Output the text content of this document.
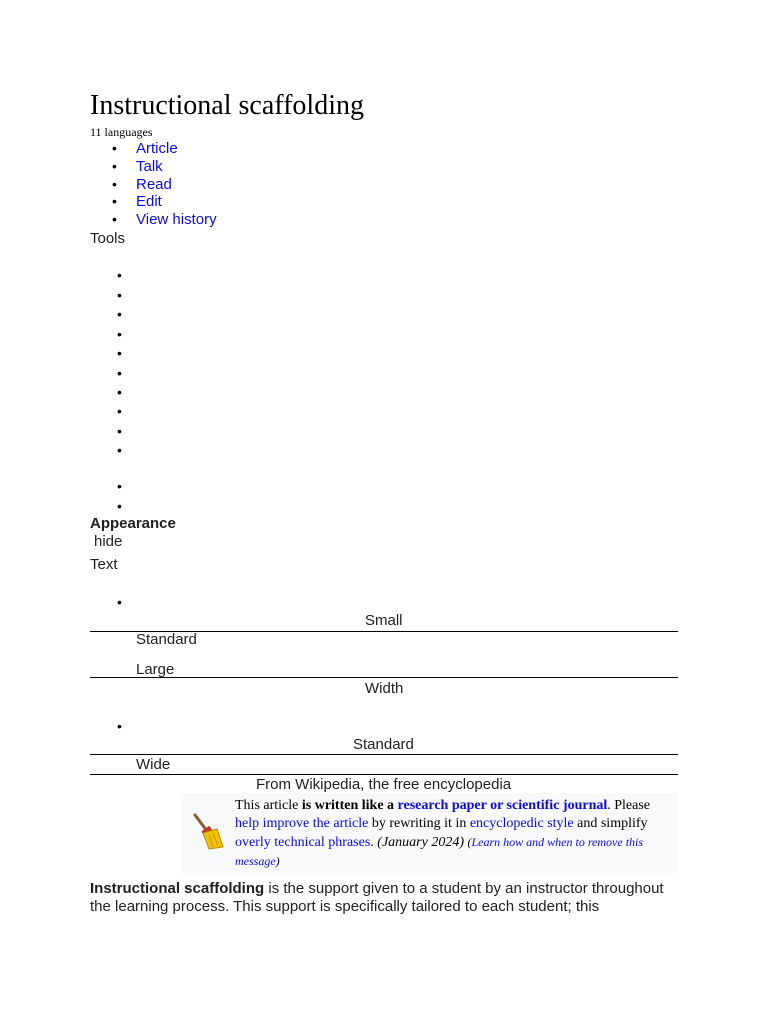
Instructional scaffolding
11 languages
• Article
• Talk
• Read
• Edit
• View history
Tools
•
•
•
•
•
•
•
•
•
•
•
•
Appearance
hide
Text
•
Small
Standard
Large
Width
•
Standard
Wide
From Wikipedia, the free encyclopedia
This article is written like a research paper or scientific journal. Please help improve the article by rewriting it in encyclopedic style and simplify overly technical phrases. (January 2024) (Learn how and when to remove this message)
Instructional scaffolding is the support given to a student by an instructor throughout the learning process. This support is specifically tailored to each student; this
